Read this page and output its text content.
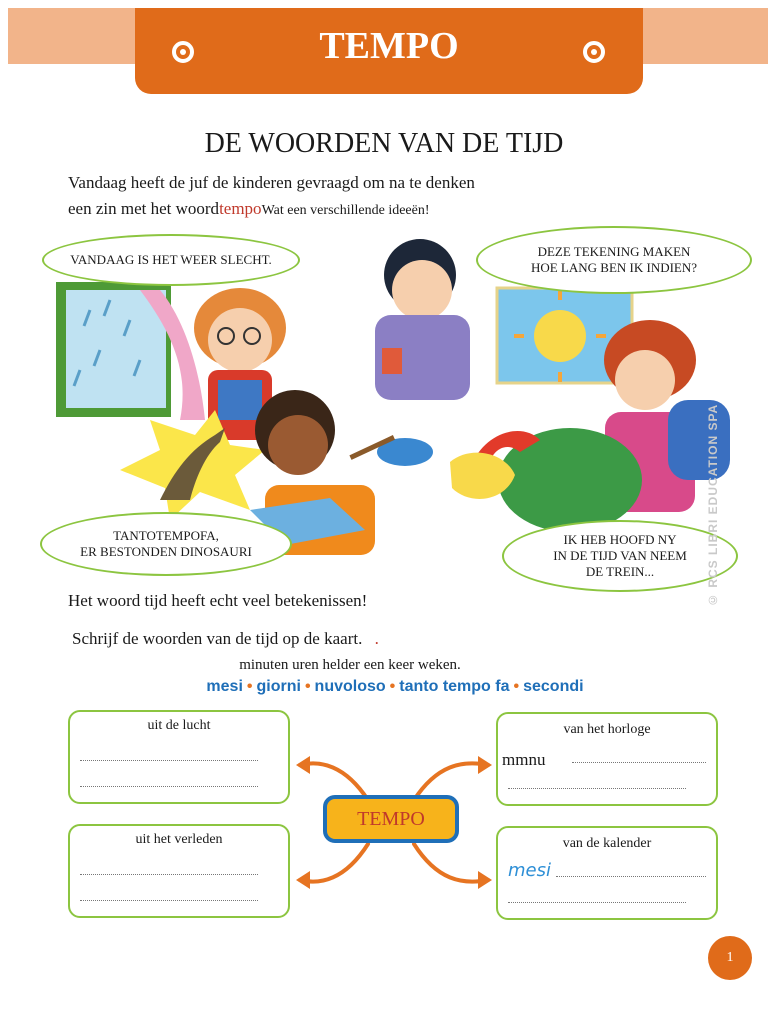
TEMPO
DE WOORDEN VAN DE TIJD
Vandaag heeft de juf de kinderen gevraagd om na te denken
een zin met het woordtempoWat een verschillende ideeën!
VANDAAG IS HET WEER SLECHT.
DEZE TEKENING MAKEN
HOE LANG BEN IK INDIEN?
TANTOTEMPOFA,
ER BESTONDEN DINOSAURI
IK HEB HOOFD NY
IN DE TIJD VAN NEEM
DE TREIN...	© RCS LIBRI EDUCATION SPA
Het woord tijd heeft echt veel betekenissen!
Schrijf de woorden van de tijd op de kaart. .
minuten uren helder een keer weken.
mesi • giorni • nuvoloso • tanto tempo fa • secondi
uit de lucht
uit het verleden
van het horloge
mmnu
van de kalender
mesi
TEMPO
1
